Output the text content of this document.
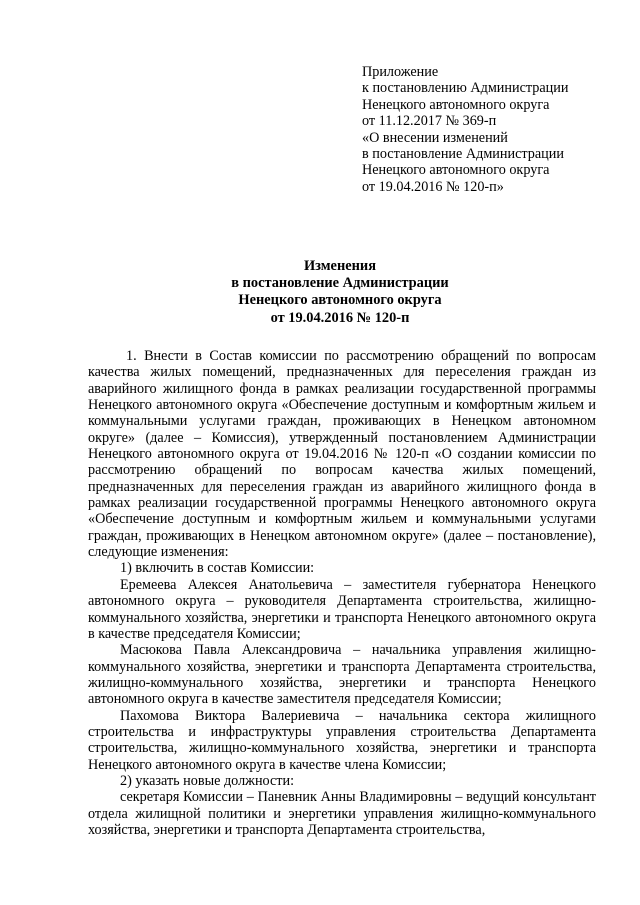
Приложение
к постановлению Администрации
Ненецкого автономного округа
от 11.12.2017 № 369-п
«О внесении изменений
в постановление Администрации
Ненецкого автономного округа
от 19.04.2016 № 120-п»
Изменения
в постановление Администрации
Ненецкого автономного округа
от 19.04.2016 № 120-п

1. Внести в Состав комиссии по рассмотрению обращений по вопросам качества жилых помещений, предназначенных для переселения граждан из аварийного жилищного фонда в рамках реализации государственной программы Ненецкого автономного округа «Обеспечение доступным и комфортным жильем и коммунальными услугами граждан, проживающих в Ненецком автономном округе» (далее – Комиссия), утвержденный постановлением Администрации Ненецкого автономного округа от 19.04.2016 № 120-п «О создании комиссии по рассмотрению обращений по вопросам качества жилых помещений, предназначенных для переселения граждан из аварийного жилищного фонда в рамках реализации государственной программы Ненецкого автономного округа «Обеспечение доступным и комфортным жильем и коммунальными услугами граждан, проживающих в Ненецком автономном округе» (далее – постановление), следующие изменения:

1) включить в состав Комиссии:

Еремеева Алексея Анатольевича – заместителя губернатора Ненецкого автономного округа – руководителя Департамента строительства, жилищно-коммунального хозяйства, энергетики и транспорта Ненецкого автономного округа в качестве председателя Комиссии;

Масюкова Павла Александровича – начальника управления жилищно-коммунального хозяйства, энергетики и транспорта Департамента строительства, жилищно-коммунального хозяйства, энергетики и транспорта Ненецкого автономного округа в качестве заместителя председателя Комиссии;

Пахомова Виктора Валериевича – начальника сектора жилищного строительства и инфраструктуры управления строительства Департамента строительства, жилищно-коммунального хозяйства, энергетики и транспорта Ненецкого автономного округа в качестве члена Комиссии;

2) указать новые должности:

секретаря Комиссии – Паневник Анны Владимировны – ведущий консультант отдела жилищной политики и энергетики управления жилищно-коммунального хозяйства, энергетики и транспорта Департамента строительства,
